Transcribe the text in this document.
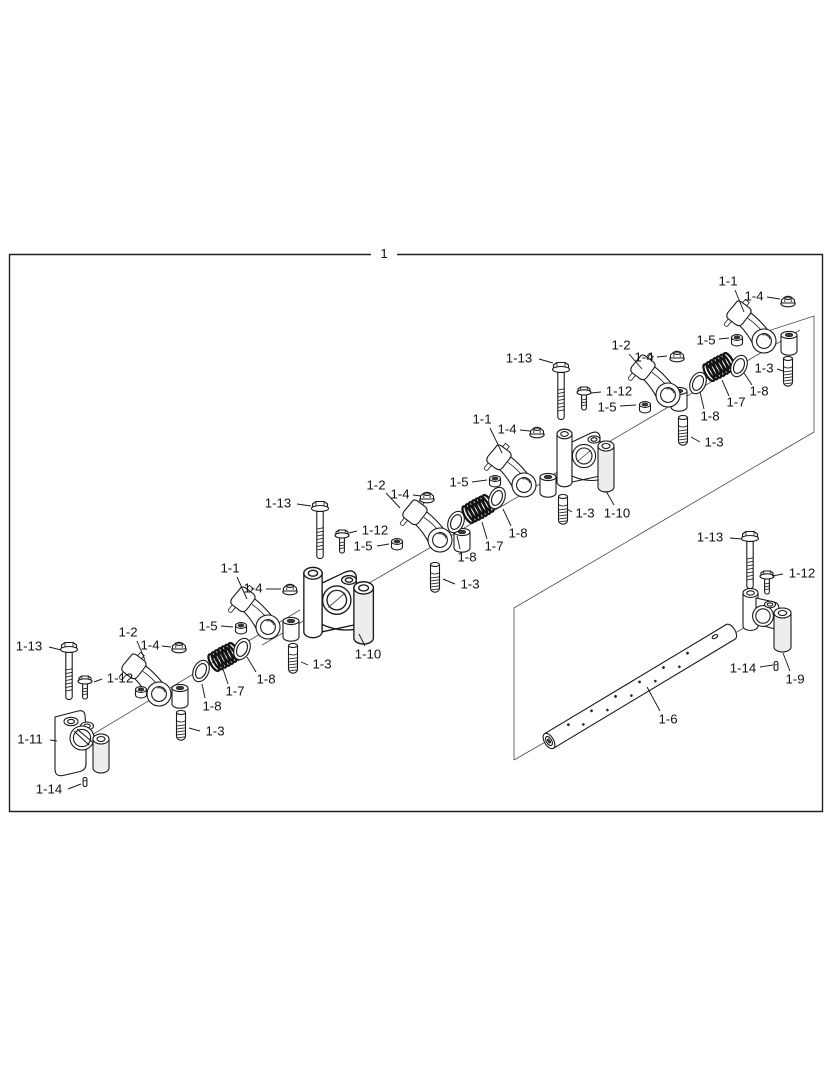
1
1-1
1-4
1-5
1-2
1-4
1-8
1-7
1-8
1-3
1-3
1-13
1-12
1-11
1-14
1-1
1-4
1-2
1-4
1-5
1-5
1-8
1-7
1-8
1-3
1-3
1-13
1-12
1-10
1-1
1-4
1-5
1-2
1-4
1-3
1-8
1-7
1-8
1-3
1-12
1-5
1-13
1-10
1-13
1-12
1-14
1-9
1-6
